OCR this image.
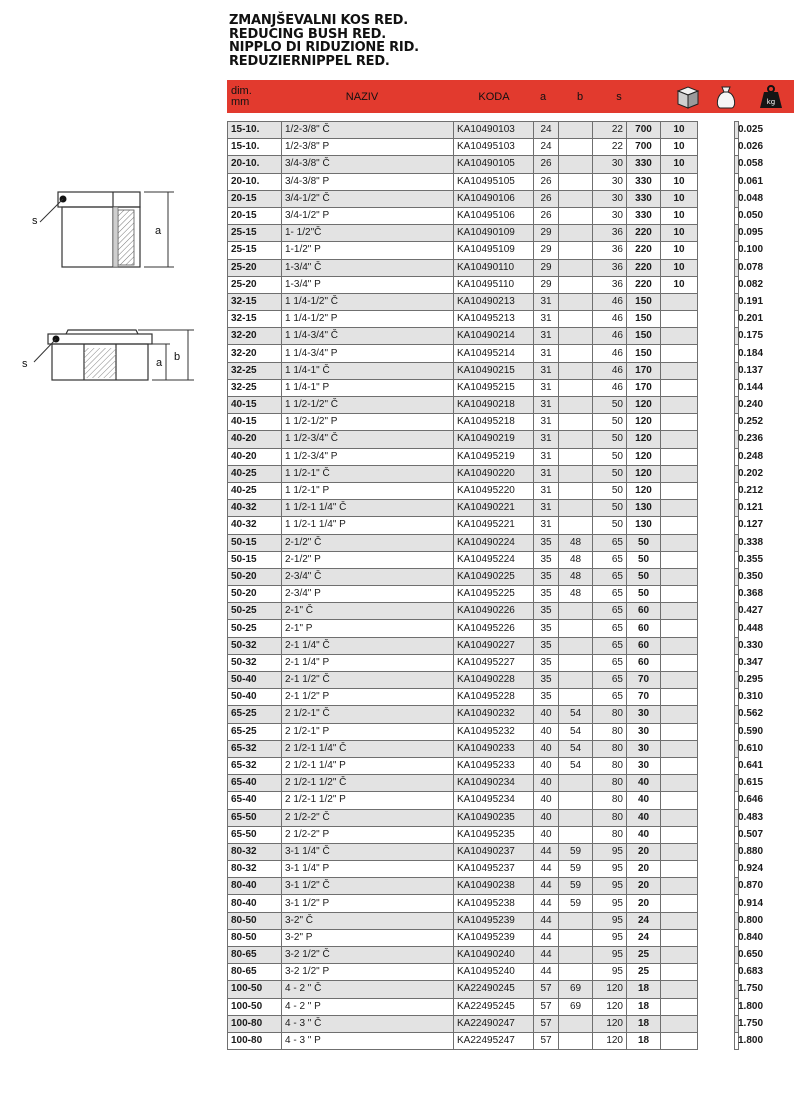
ZMANJŠEVALNI KOS RED.
REDUCING BUSH RED.
NIPPLO DI RIDUZIONE RID.
REDUZIERNIPPEL RED.
dim.
mm	NAZIV	KODA	a	b	s	kg
15-10.	1/2-3/8" Č	KA10490103	24		22	700	10		0.025
15-10.	1/2-3/8" P	KA10495103	24		22	700	10		0.026
20-10.	3/4-3/8" Č	KA10490105	26		30	330	10		0.058
20-10.	3/4-3/8" P	KA10495105	26		30	330	10		0.061
20-15	3/4-1/2" Č	KA10490106	26		30	330	10		0.048
20-15	3/4-1/2" P	KA10495106	26		30	330	10		0.050
25-15	1- 1/2"Č	KA10490109	29		36	220	10		0.095
25-15	1-1/2" P	KA10495109	29		36	220	10		0.100
25-20	1-3/4" Č	KA10490110	29		36	220	10		0.078
25-20	1-3/4" P	KA10495110	29		36	220	10		0.082
32-15	1 1/4-1/2" Č	KA10490213	31		46	150			0.191
32-15	1 1/4-1/2" P	KA10495213	31		46	150			0.201
32-20	1 1/4-3/4" Č	KA10490214	31		46	150			0.175
32-20	1 1/4-3/4" P	KA10495214	31		46	150			0.184
32-25	1 1/4-1" Č	KA10490215	31		46	170			0.137
32-25	1 1/4-1" P	KA10495215	31		46	170			0.144
40-15	1 1/2-1/2" Č	KA10490218	31		50	120			0.240
40-15	1 1/2-1/2" P	KA10495218	31		50	120			0.252
40-20	1 1/2-3/4" Č	KA10490219	31		50	120			0.236
40-20	1 1/2-3/4" P	KA10495219	31		50	120			0.248
40-25	1 1/2-1" Č	KA10490220	31		50	120			0.202
40-25	1 1/2-1" P	KA10495220	31		50	120			0.212
40-32	1 1/2-1 1/4" Č	KA10490221	31		50	130			0.121
40-32	1 1/2-1 1/4" P	KA10495221	31		50	130			0.127
50-15	2-1/2" Č	KA10490224	35	48	65	50			0.338
50-15	2-1/2" P	KA10495224	35	48	65	50			0.355
50-20	2-3/4" Č	KA10490225	35	48	65	50			0.350
50-20	2-3/4" P	KA10495225	35	48	65	50			0.368
50-25	2-1" Č	KA10490226	35		65	60			0.427
50-25	2-1" P	KA10495226	35		65	60			0.448
50-32	2-1 1/4" Č	KA10490227	35		65	60			0.330
50-32	2-1 1/4" P	KA10495227	35		65	60			0.347
50-40	2-1 1/2" Č	KA10490228	35		65	70			0.295
50-40	2-1 1/2" P	KA10495228	35		65	70			0.310
65-25	2 1/2-1" Č	KA10490232	40	54	80	30			0.562
65-25	2 1/2-1" P	KA10495232	40	54	80	30			0.590
65-32	2 1/2-1 1/4" Č	KA10490233	40	54	80	30			0.610
65-32	2 1/2-1 1/4" P	KA10495233	40	54	80	30			0.641
65-40	2 1/2-1 1/2" Č	KA10490234	40		80	40			0.615
65-40	2 1/2-1 1/2" P	KA10495234	40		80	40			0.646
65-50	2 1/2-2" Č	KA10490235	40		80	40			0.483
65-50	2 1/2-2" P	KA10495235	40		80	40			0.507
80-32	3-1 1/4" Č	KA10490237	44	59	95	20			0.880
80-32	3-1 1/4" P	KA10495237	44	59	95	20			0.924
80-40	3-1 1/2" Č	KA10490238	44	59	95	20			0.870
80-40	3-1 1/2" P	KA10495238	44	59	95	20			0.914
80-50	3-2" Č	KA10495239	44		95	24			0.800
80-50	3-2" P	KA10495239	44		95	24			0.840
80-65	3-2 1/2" Č	KA10490240	44		95	25			0.650
80-65	3-2 1/2" P	KA10495240	44		95	25			0.683
100-50	4 - 2 " Č	KA22490245	57	69	120	18			1.750
100-50	4 - 2 " P	KA22495245	57	69	120	18			1.800
100-80	4 - 3 " Č	KA22490247	57		120	18			1.750
100-80	4 - 3 " P	KA22495247	57		120	18			1.800
s
a
s	a b
